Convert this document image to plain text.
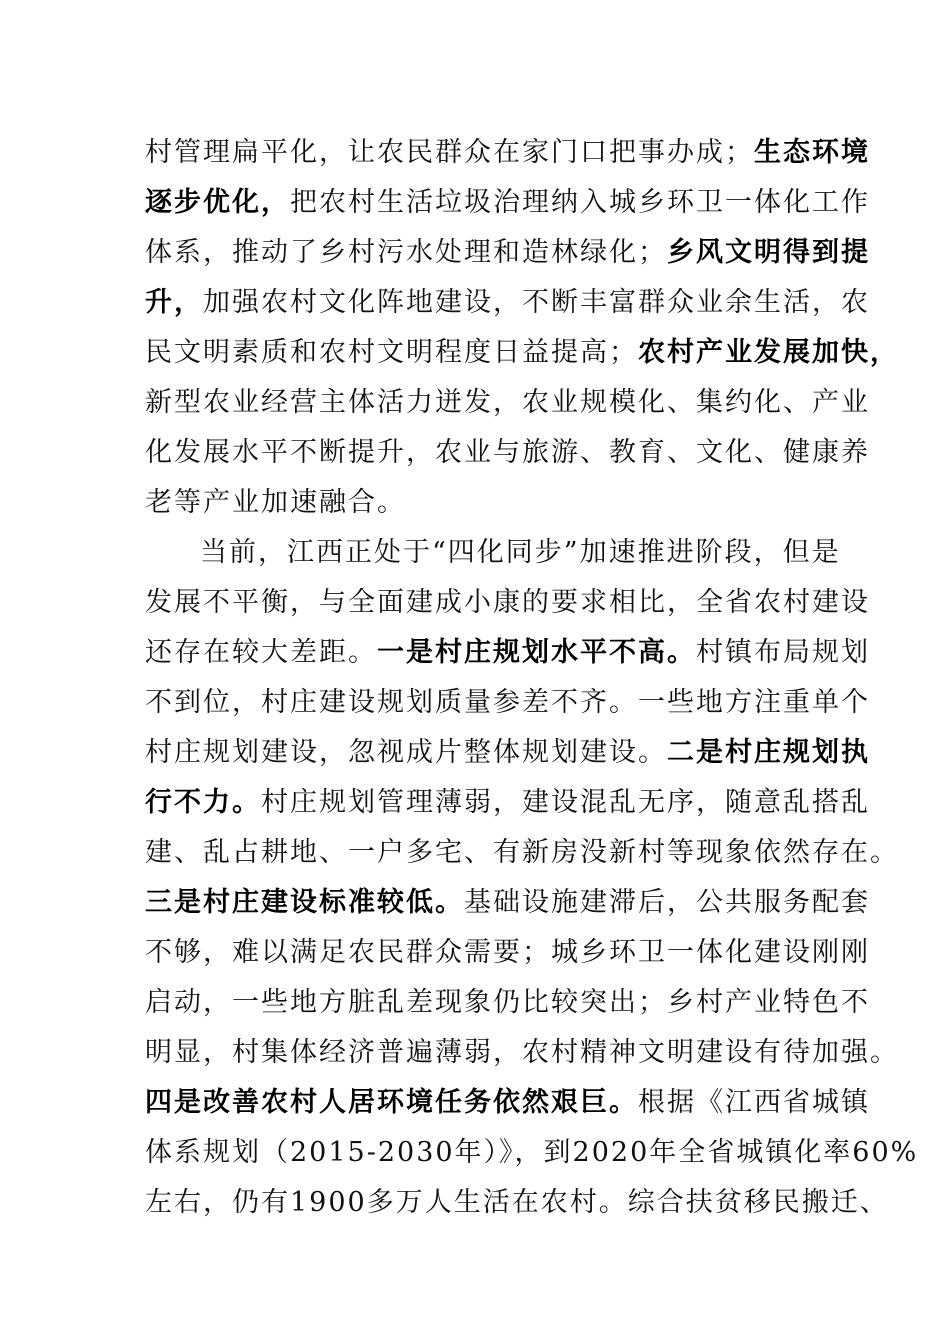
村管理扁平化，让农民群众在家门口把事办成；生态环境
逐步优化，把农村生活垃圾治理纳入城乡环卫一体化工作
体系，推动了乡村污水处理和造林绿化；乡风文明得到提
升，加强农村文化阵地建设，不断丰富群众业余生活，农
民文明素质和农村文明程度日益提高；农村产业发展加快，
新型农业经营主体活力迸发，农业规模化、集约化、产业
化发展水平不断提升，农业与旅游、教育、文化、健康养
老等产业加速融合。
当前，江西正处于“四化同步”加速推进阶段，但是
发展不平衡，与全面建成小康的要求相比，全省农村建设
还存在较大差距。一是村庄规划水平不高。村镇布局规划
不到位，村庄建设规划质量参差不齐。一些地方注重单个
村庄规划建设，忽视成片整体规划建设。二是村庄规划执
行不力。村庄规划管理薄弱，建设混乱无序，随意乱搭乱
建、乱占耕地、一户多宅、有新房没新村等现象依然存在。
三是村庄建设标准较低。基础设施建滞后，公共服务配套
不够，难以满足农民群众需要；城乡环卫一体化建设刚刚
启动，一些地方脏乱差现象仍比较突出；乡村产业特色不
明显，村集体经济普遍薄弱，农村精神文明建设有待加强。
四是改善农村人居环境任务依然艰巨。根据《江西省城镇
体系规划（2015-2030年）》，到2020年全省城镇化率60%
左右，仍有1900多万人生活在农村。综合扶贫移民搬迁、
